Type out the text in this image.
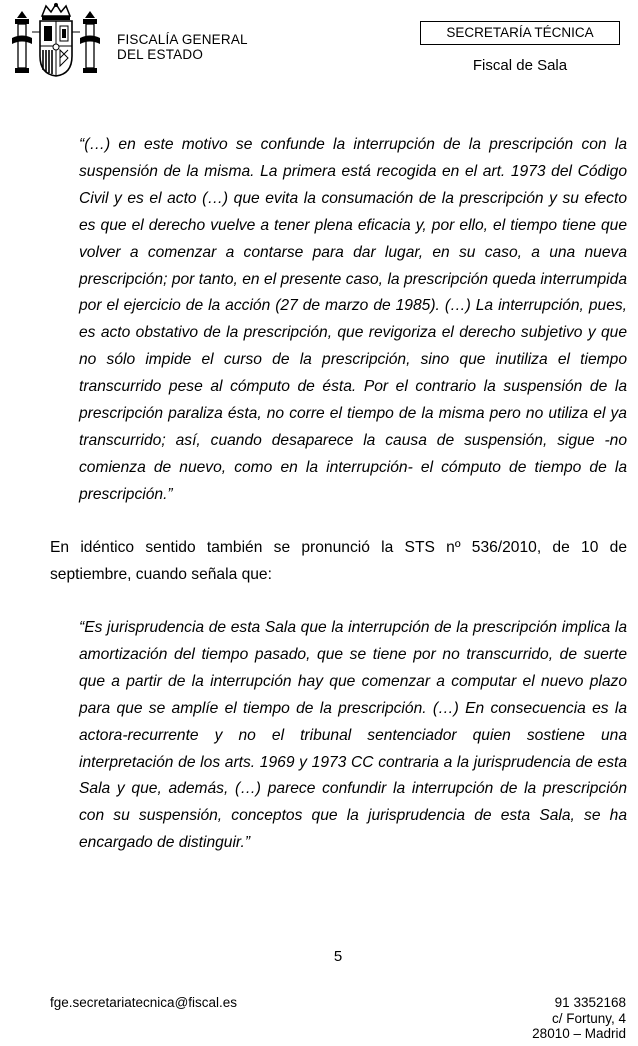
FISCALÍA GENERAL
DEL ESTADO
SECRETARÍA TÉCNICA
Fiscal de Sala
“(…) en este motivo se confunde la interrupción de la prescripción con la suspensión de la misma. La primera está recogida en el art. 1973 del Código Civil y es el acto (…) que evita la consumación de la prescripción y su efecto es que el derecho vuelve a tener plena eficacia y, por ello, el tiempo tiene que volver a comenzar a contarse para dar lugar, en su caso, a una nueva prescripción; por tanto, en el presente caso, la prescripción queda interrumpida por el ejercicio de la acción (27 de marzo de 1985). (…) La interrupción, pues, es acto obstativo de la prescripción, que revigoriza el derecho subjetivo y que no sólo impide el curso de la prescripción, sino que inutiliza el tiempo transcurrido pese al cómputo de ésta. Por el contrario la suspensión de la prescripción paraliza ésta, no corre el tiempo de la misma pero no utiliza el ya transcurrido; así, cuando desaparece la causa de suspensión, sigue -no comienza de nuevo, como en la interrupción- el cómputo de tiempo de la prescripción.”
En idéntico sentido también se pronunció la STS nº 536/2010, de 10 de septiembre, cuando señala que:
“Es jurisprudencia de esta Sala que la interrupción de la prescripción implica la amortización del tiempo pasado, que se tiene por no transcurrido, de suerte que a partir de la interrupción hay que comenzar a computar el nuevo plazo para que se amplíe el tiempo de la prescripción. (…) En consecuencia es la actora-recurrente y no el tribunal sentenciador quien sostiene una interpretación de los arts. 1969 y 1973 CC contraria a la jurisprudencia de esta Sala y que, además, (…) parece confundir la interrupción de la prescripción con su suspensión, conceptos que la jurisprudencia de esta Sala, se ha encargado de distinguir.”
5
fge.secretariatecnica@fiscal.es	91 3352168
c/ Fortuny, 4
28010 – Madrid
